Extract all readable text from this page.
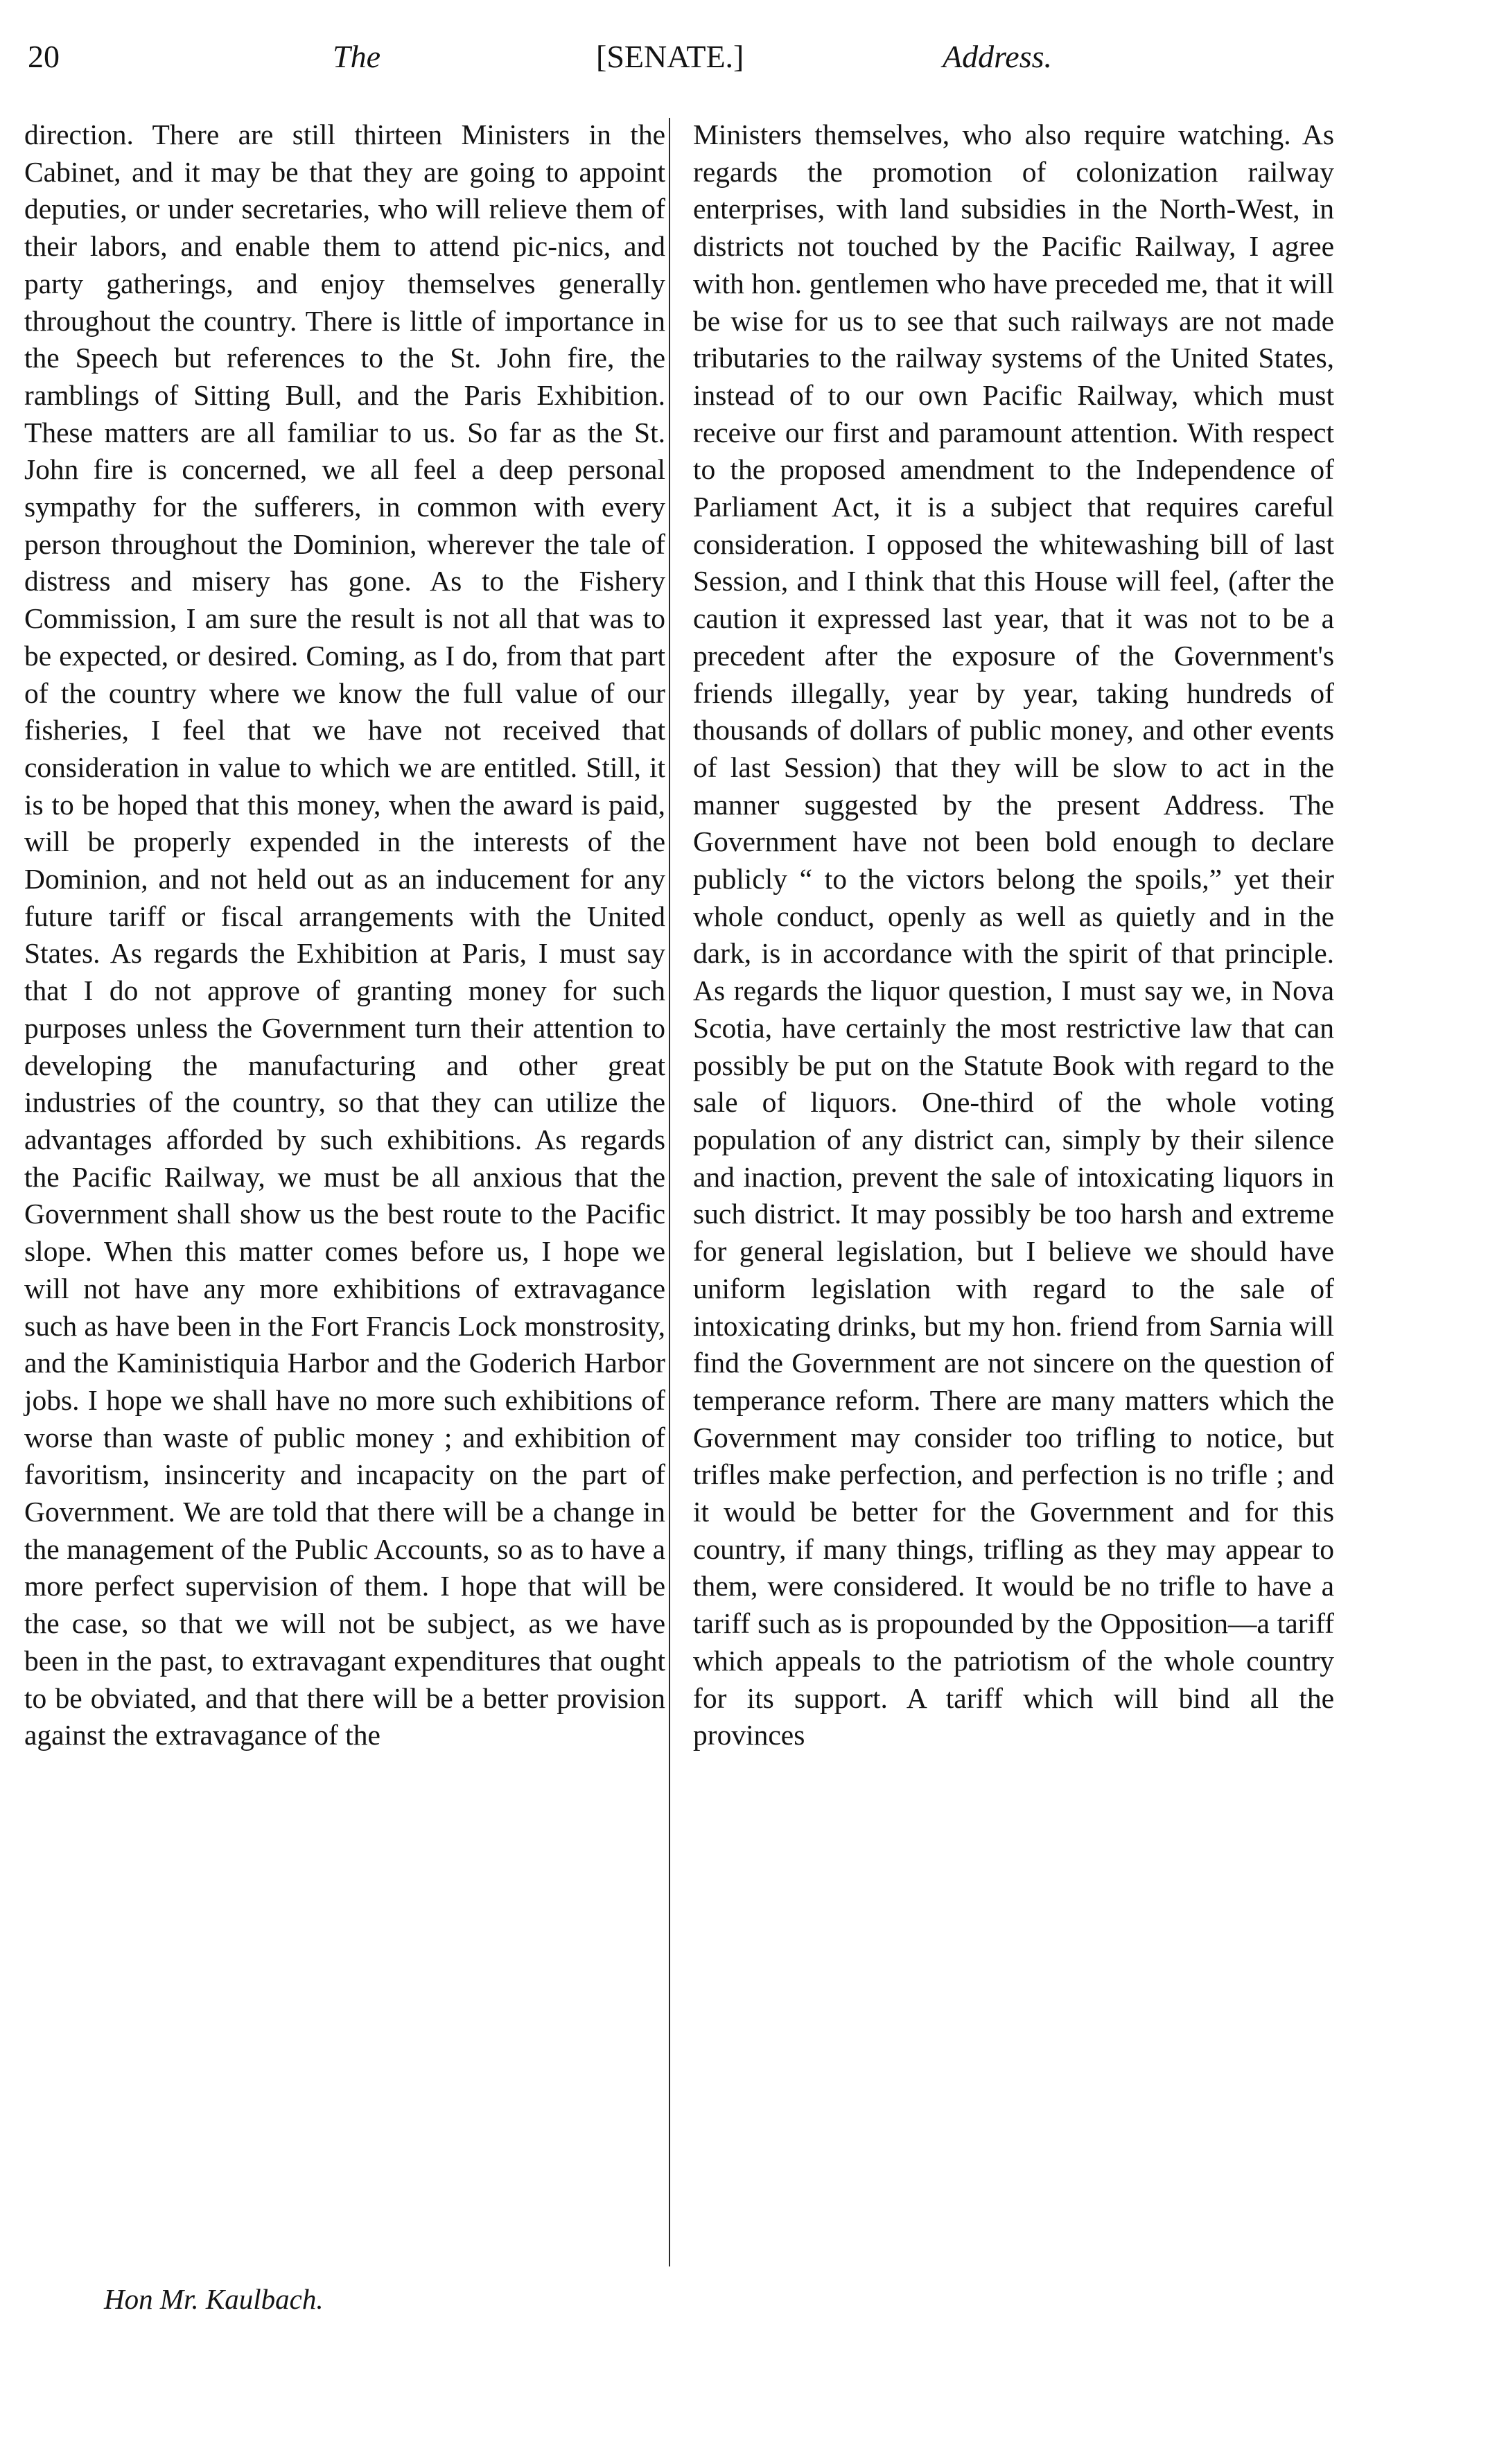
20	The	[SENATE.]	Address.

direction. There are still thirteen Ministers in the Cabinet, and it may be that they are going to appoint deputies, or under secretaries, who will relieve them of their labors, and enable them to attend pic-nics, and party gatherings, and enjoy themselves generally throughout the country. There is little of importance in the Speech but references to the St. John fire, the ramblings of Sitting Bull, and the Paris Exhibition. These matters are all familiar to us. So far as the St. John fire is concerned, we all feel a deep personal sympathy for the sufferers, in common with every person throughout the Dominion, wherever the tale of distress and misery has gone. As to the Fishery Commission, I am sure the result is not all that was to be expected, or desired. Coming, as I do, from that part of the country where we know the full value of our fisheries, I feel that we have not received that consideration in value to which we are entitled. Still, it is to be hoped that this money, when the award is paid, will be properly expended in the interests of the Dominion, and not held out as an inducement for any future tariff or fiscal arrangements with the United States. As regards the Exhibition at Paris, I must say that I do not approve of granting money for such purposes unless the Government turn their attention to developing the manufacturing and other great industries of the country, so that they can utilize the advantages afforded by such exhibitions. As regards the Pacific Railway, we must be all anxious that the Government shall show us the best route to the Pacific slope. When this matter comes before us, I hope we will not have any more exhibitions of extravagance such as have been in the Fort Francis Lock monstrosity, and the Kaministiquia Harbor and the Goderich Harbor jobs. I hope we shall have no more such exhibitions of worse than waste of public money ; and exhibition of favoritism, insincerity and incapacity on the part of Government. We are told that there will be a change in the management of the Public Accounts, so as to have a more perfect supervision of them. I hope that will be the case, so that we will not be subject, as we have been in the past, to extravagant expenditures that ought to be obviated, and that there will be a better provision against the extravagance of the

Ministers themselves, who also require watching. As regards the promotion of colonization railway enterprises, with land subsidies in the North-West, in districts not touched by the Pacific Railway, I agree with hon. gentlemen who have preceded me, that it will be wise for us to see that such railways are not made tributaries to the railway systems of the United States, instead of to our own Pacific Railway, which must receive our first and paramount attention. With respect to the proposed amendment to the Independence of Parliament Act, it is a subject that requires careful consideration. I opposed the whitewashing bill of last Session, and I think that this House will feel, (after the caution it expressed last year, that it was not to be a precedent after the exposure of the Government's friends illegally, year by year, taking hundreds of thousands of dollars of public money, and other events of last Session) that they will be slow to act in the manner suggested by the present Address. The Government have not been bold enough to declare publicly “ to the victors belong the spoils,” yet their whole conduct, openly as well as quietly and in the dark, is in accordance with the spirit of that principle. As regards the liquor question, I must say we, in Nova Scotia, have certainly the most restrictive law that can possibly be put on the Statute Book with regard to the sale of liquors. One-third of the whole voting population of any district can, simply by their silence and inaction, prevent the sale of intoxicating liquors in such district. It may possibly be too harsh and extreme for general legislation, but I believe we should have uniform legislation with regard to the sale of intoxicating drinks, but my hon. friend from Sarnia will find the Government are not sincere on the question of temperance reform. There are many matters which the Government may consider too trifling to notice, but trifles make perfection, and perfection is no trifle ; and it would be better for the Government and for this country, if many things, trifling as they may appear to them, were considered. It would be no trifle to have a tariff such as is propounded by the Opposition—a tariff which appeals to the patriotism of the whole country for its support. A tariff which will bind all the provinces

Hon Mr. Kaulbach.
